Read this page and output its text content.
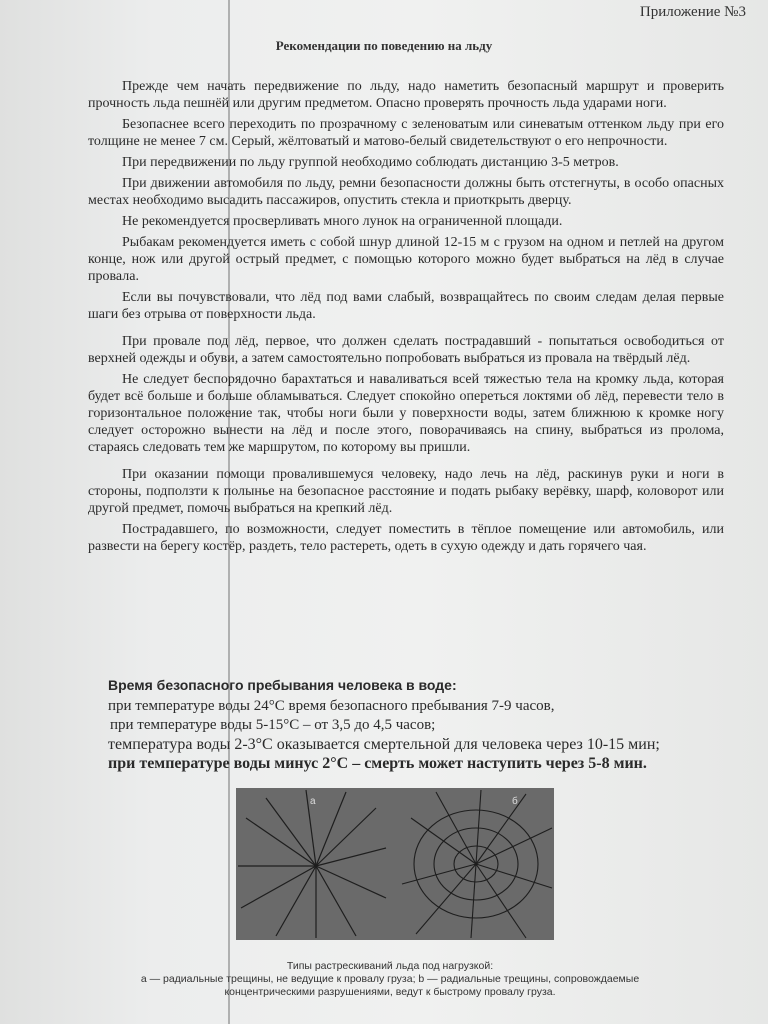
Приложение №3
Рекомендации по поведению на льду

Прежде чем начать передвижение по льду, надо наметить безопасный маршрут и проверить прочность льда пешнёй или другим предметом. Опасно проверять прочность льда ударами ноги.

Безопаснее всего переходить по прозрачному с зеленоватым или синеватым оттенком льду при его толщине не менее 7 см. Серый, жёлтоватый и матово-белый свидетельствуют о его непрочности.

При передвижении по льду группой необходимо соблюдать дистанцию 3-5 метров.

При движении автомобиля по льду, ремни безопасности должны быть отстегнуты, в особо опасных местах необходимо высадить пассажиров, опустить стекла и приоткрыть дверцу.

Не рекомендуется просверливать много лунок на ограниченной площади.

Рыбакам рекомендуется иметь с собой шнур длиной 12-15 м с грузом на одном и петлей на другом конце, нож или другой острый предмет, с помощью которого можно будет выбраться на лёд в случае провала.

Если вы почувствовали, что лёд под вами слабый, возвращайтесь по своим следам делая первые шаги без отрыва от поверхности льда.

При провале под лёд, первое, что должен сделать пострадавший - попытаться освободиться от верхней одежды и обуви, а затем самостоятельно попробовать выбраться из провала на твёрдый лёд.

Не следует беспорядочно барахтаться и наваливаться всей тяжестью тела на кромку льда, которая будет всё больше и больше обламываться. Следует спокойно опереться локтями об лёд, перевести тело в горизонтальное положение так, чтобы ноги были у поверхности воды, затем ближнюю к кромке ногу следует осторожно вынести на лёд и после этого, поворачиваясь на спину, выбраться из пролома, стараясь следовать тем же маршрутом, по которому вы пришли.

При оказании помощи провалившемуся человеку, надо лечь на лёд, раскинув руки и ноги в стороны, подползти к полынье на безопасное расстояние и подать рыбаку верёвку, шарф, коловорот или другой предмет, помочь выбраться на крепкий лёд.

Пострадавшего, по возможности, следует поместить в тёплое помещение или автомобиль, или развести на берегу костёр, раздеть, тело растереть, одеть в сухую одежду и дать горячего чая.

Время безопасного пребывания человека в воде:
при температуре воды 24°С время безопасного пребывания 7-9 часов,
при температуре воды 5-15°С – от 3,5 до 4,5 часов;
температура воды 2-3°С оказывается смертельной для человека через 10-15 мин;
при температуре воды минус 2°С – смерть может наступить через 5-8 мин.
а	б
Типы растрескиваний льда под нагрузкой:
а — радиальные трещины, не ведущие к провалу груза; b — радиальные трещины, сопровождаемые
концентрическими разрушениями, ведут к быстрому провалу груза.
